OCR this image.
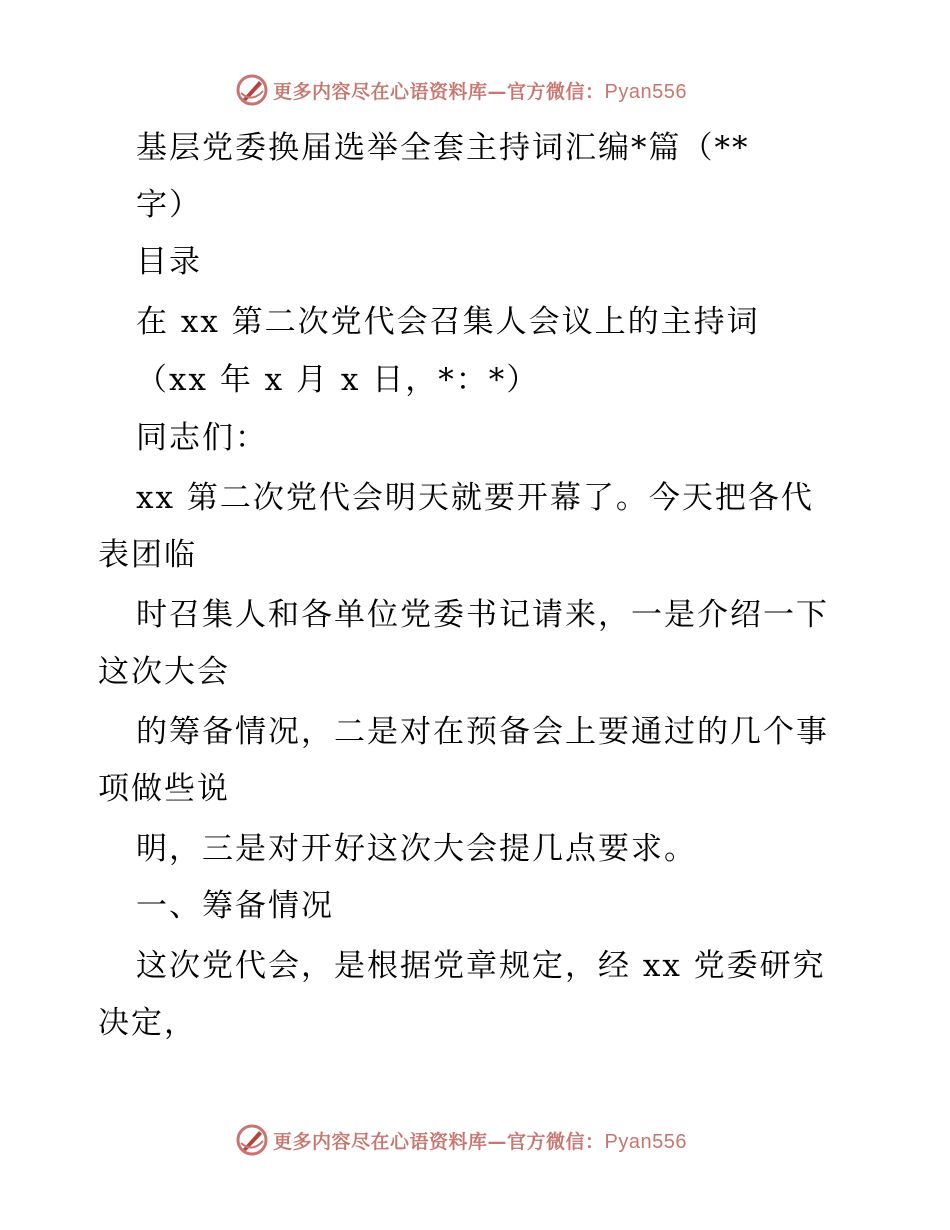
更多内容尽在心语资料库—官方微信：Pyan556
基层党委换届选举全套主持词汇编*篇（**
字）
目录
在 xx 第二次党代会召集人会议上的主持词
（xx 年 x 月 x 日，*：*）
同志们：
xx 第二次党代会明天就要开幕了。今天把各代
表团临
时召集人和各单位党委书记请来，一是介绍一下
这次大会
的筹备情况，二是对在预备会上要通过的几个事
项做些说
明，三是对开好这次大会提几点要求。
一、筹备情况
这次党代会，是根据党章规定，经 xx 党委研究
决定，
更多内容尽在心语资料库—官方微信：Pyan556
